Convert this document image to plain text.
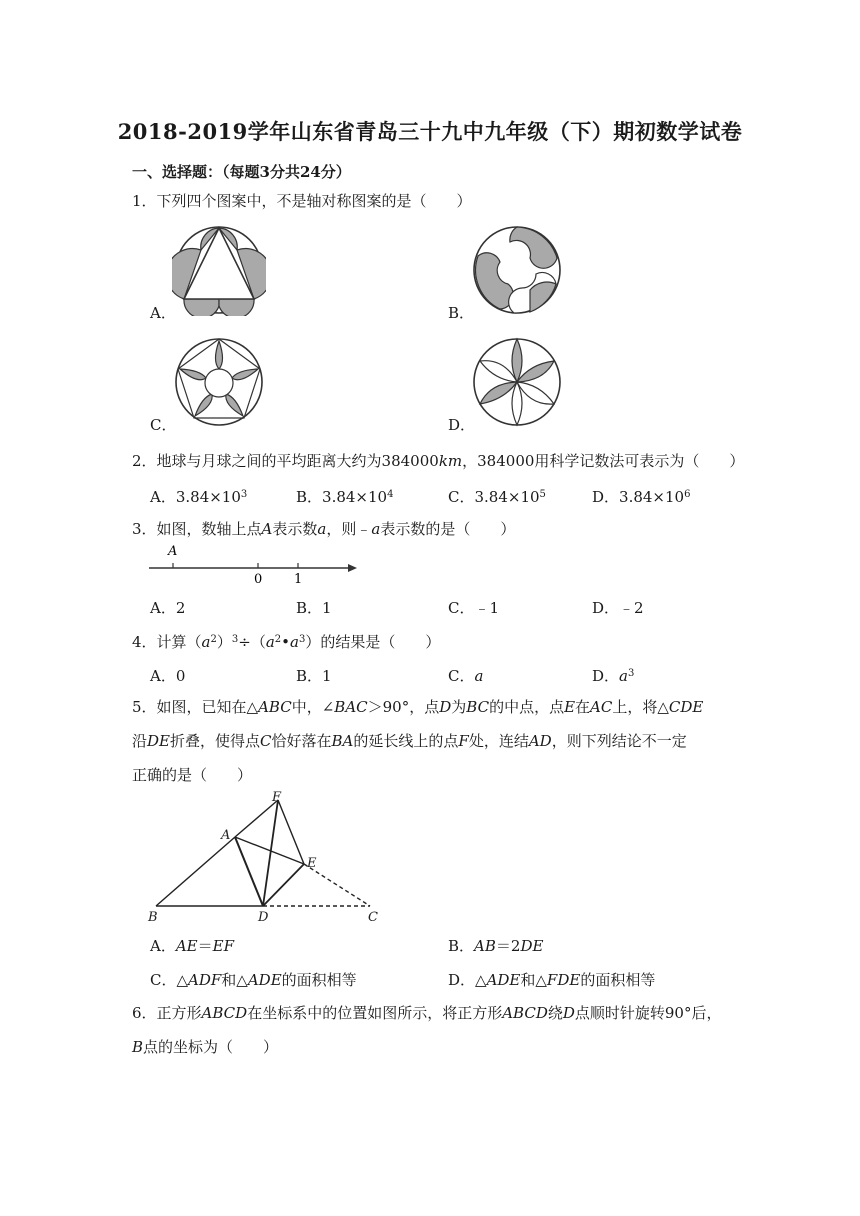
2018-2019学年山东省青岛三十九中九年级（下）期初数学试卷
一、选择题：（每题3分共24分）
1．下列四个图案中，不是轴对称图案的是（　　）
A．	B．
C．	D．
2．地球与月球之间的平均距离大约为384000km，384000用科学记数法可表示为（　　）
A．$3.84\times 10^3$	B．$3.84\times 10^4$	C．$3.84\times 10^5$	D．$3.84\times 10^6$
3．如图，数轴上点A表示数a，则﹣a表示数的是（　　）
A
0 1
A．2	B．1	C．﹣1	D．﹣2
4．计算$(a^2)^3\div(a^2•a^3)$的结果是（　　）
A．0	B．1	C．a	D．$a^3$
5．如图，已知在△ABC中，∠BAC＞90°，点D为BC的中点，点E在AC上，将△CDE
沿DE折叠，使得点C恰好落在BA的延长线上的点F处，连结AD，则下列结论不一定
正确的是（　　）
F
A
E
B	D	C
A．AE＝EF	B．AB＝2DE
C．△ADF和△ADE的面积相等	D．△ADE和△FDE的面积相等
6．正方形ABCD在坐标系中的位置如图所示，将正方形ABCD绕D点顺时针旋转90°后，
B点的坐标为（　　）
